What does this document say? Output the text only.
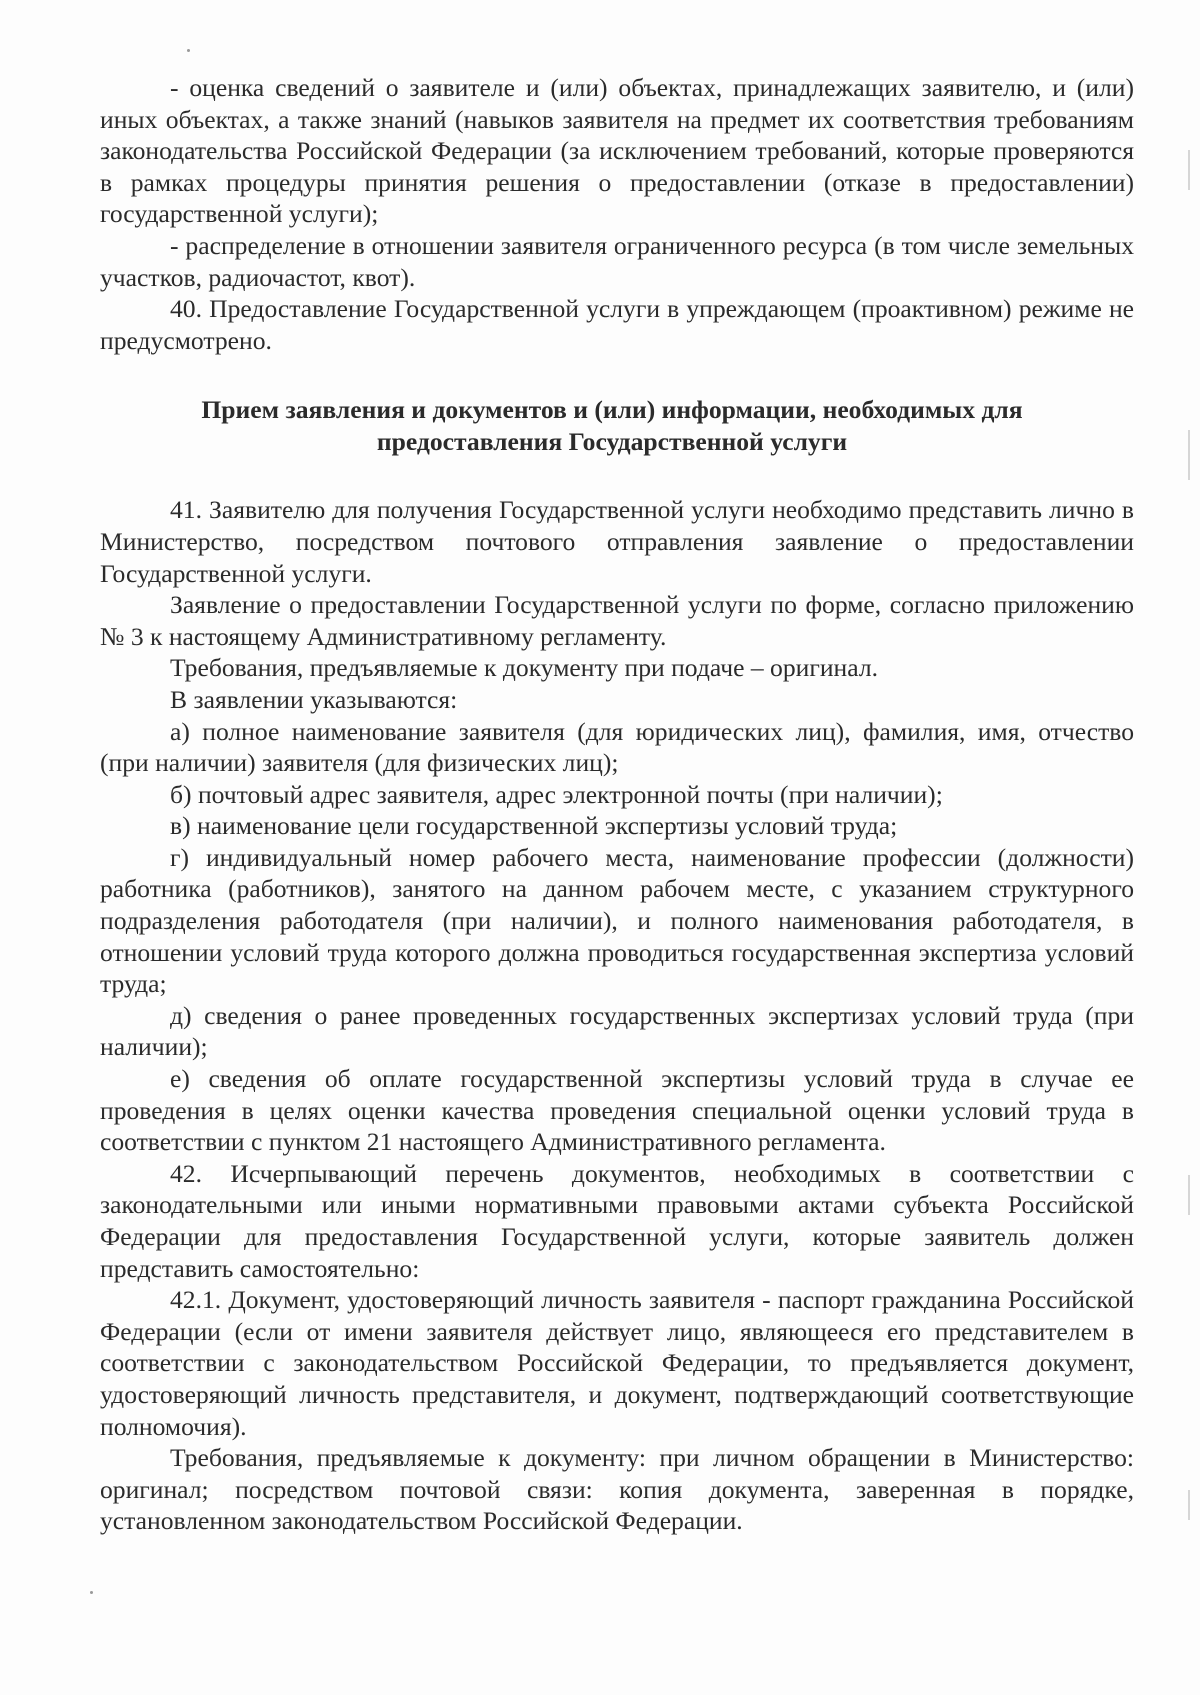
- оценка сведений о заявителе и (или) объектах, принадлежащих заявителю, и (или) иных объектах, а также знаний (навыков заявителя на предмет их соответствия требованиям законодательства Российской Федерации (за исключением требований, которые проверяются в рамках процедуры принятия решения о предоставлении (отказе в предоставлении) государственной услуги);

- распределение в отношении заявителя ограниченного ресурса (в том числе земельных участков, радиочастот, квот).

40. Предоставление Государственной услуги в упреждающем (проактивном) режиме не предусмотрено.

Прием заявления и документов и (или) информации, необходимых для предоставления Государственной услуги

41. Заявителю для получения Государственной услуги необходимо представить лично в Министерство, посредством почтового отправления заявление о предоставлении Государственной услуги.

Заявление о предоставлении Государственной услуги по форме, согласно приложению № 3 к настоящему Административному регламенту.

Требования, предъявляемые к документу при подаче – оригинал.

В заявлении указываются:

а) полное наименование заявителя (для юридических лиц), фамилия, имя, отчество (при наличии) заявителя (для физических лиц);

б) почтовый адрес заявителя, адрес электронной почты (при наличии);

в) наименование цели государственной экспертизы условий труда;

г) индивидуальный номер рабочего места, наименование профессии (должности) работника (работников), занятого на данном рабочем месте, с указанием структурного подразделения работодателя (при наличии), и полного наименования работодателя, в отношении условий труда которого должна проводиться государственная экспертиза условий труда;

д) сведения о ранее проведенных государственных экспертизах условий труда (при наличии);

е) сведения об оплате государственной экспертизы условий труда в случае ее проведения в целях оценки качества проведения специальной оценки условий труда в соответствии с пунктом 21 настоящего Административного регламента.

42. Исчерпывающий перечень документов, необходимых в соответствии с законодательными или иными нормативными правовыми актами субъекта Российской Федерации для предоставления Государственной услуги, которые заявитель должен представить самостоятельно:

42.1. Документ, удостоверяющий личность заявителя - паспорт гражданина Российской Федерации (если от имени заявителя действует лицо, являющееся его представителем в соответствии с законодательством Российской Федерации, то предъявляется документ, удостоверяющий личность представителя, и документ, подтверждающий соответствующие полномочия).

Требования, предъявляемые к документу: при личном обращении в Министерство: оригинал; посредством почтовой связи: копия документа, заверенная в порядке, установленном законодательством Российской Федерации.
